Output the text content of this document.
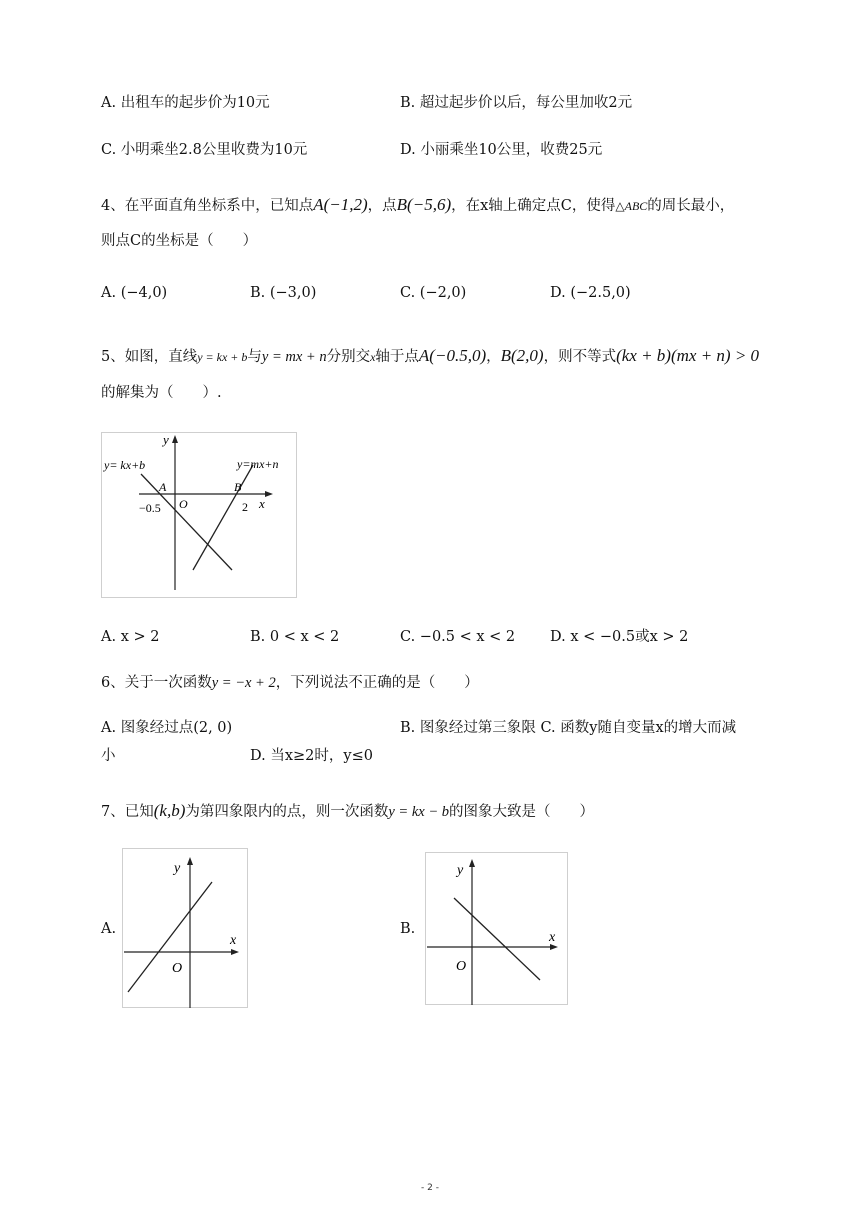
A. 出租车的起步价为10元	B. 超过起步价以后，每公里加收2元
C. 小明乘坐2.8公里收费为10元	D. 小丽乘坐10公里，收费25元
4、在平面直角坐标系中，已知点A(−1,2)，点B(−5,6)，在x轴上确定点C，使得△ABC的周长最小，
则点C的坐标是（　　）
A. (−4,0)	B. (−3,0)	C. (−2,0)	D. (−2.5,0)
5、如图，直线y = kx + b与y = mx + n分别交x轴于点A(−0.5,0)，B(2,0)，则不等式(kx + b)(mx + n) > 0
的解集为（　　）.
y
x
y= kx+b	y=mx+n
A	B
O
−0.5	2
A. x > 2	B. 0 < x < 2	C. −0.5 < x < 2 D. x < −0.5或x > 2
6、关于一次函数y = −x + 2，下列说法不正确的是（　　）
A. 图象经过点(2, 0)	B. 图象经过第三象限 C. 函数y随自变量x的增大而减
小	D. 当x≥2时，y≤0
7、已知(k,b)为第四象限内的点，则一次函数y = kx − b的图象大致是（　　）
A.
y
x
O
B.
y
x
O
- 2 -
